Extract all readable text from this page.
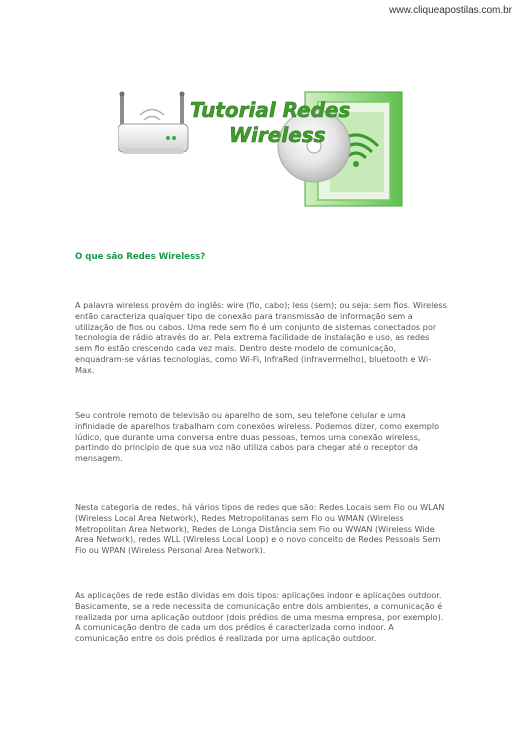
www.cliqueapostilas.com.br
Tutorial Redes
Wireless
O que são Redes Wireless?

A palavra wireless provém do inglês: wire (fio, cabo); less (sem); ou seja: sem fios. Wireless então caracteriza qualquer tipo de conexão para transmissão de informação sem a utilização de fios ou cabos. Uma rede sem fio é um conjunto de sistemas conectados por tecnologia de rádio através do ar. Pela extrema facilidade de instalação e uso, as redes sem fio estão crescendo cada vez mais. Dentro deste modelo de comunicação, enquadram-se várias tecnologias, como Wi-Fi, InfraRed (infravermelho), bluetooth e Wi-Max.

Seu controle remoto de televisão ou aparelho de som, seu telefone celular e uma infinidade de aparelhos trabalham com conexões wireless. Podemos dizer, como exemplo lúdico, que durante uma conversa entre duas pessoas, temos uma conexão wireless, partindo do principio de que sua voz não utiliza cabos para chegar até o receptor da mensagem.

Nesta categoria de redes, há vários tipos de redes que são: Redes Locais sem Fio ou WLAN (Wireless Local Area Network), Redes Metropolitanas sem Fio ou WMAN (Wireless Metropolitan Area Network), Redes de Longa Distância sem Fio ou WWAN (Wireless Wide Area Network), redes WLL (Wireless Local Loop) e o novo conceito de Redes Pessoais Sem Fio ou WPAN (Wireless Personal Area Network).

As aplicações de rede estão dividas em dois tipos: aplicações indoor e aplicações outdoor. Basicamente, se a rede necessita de comunicação entre dois ambientes, a comunicação é realizada por uma aplicação outdoor (dois prédios de uma mesma empresa, por exemplo). A comunicação dentro de cada um dos prédios é caracterizada como indoor. A comunicação entre os dois prédios é realizada por uma aplicação outdoor.
